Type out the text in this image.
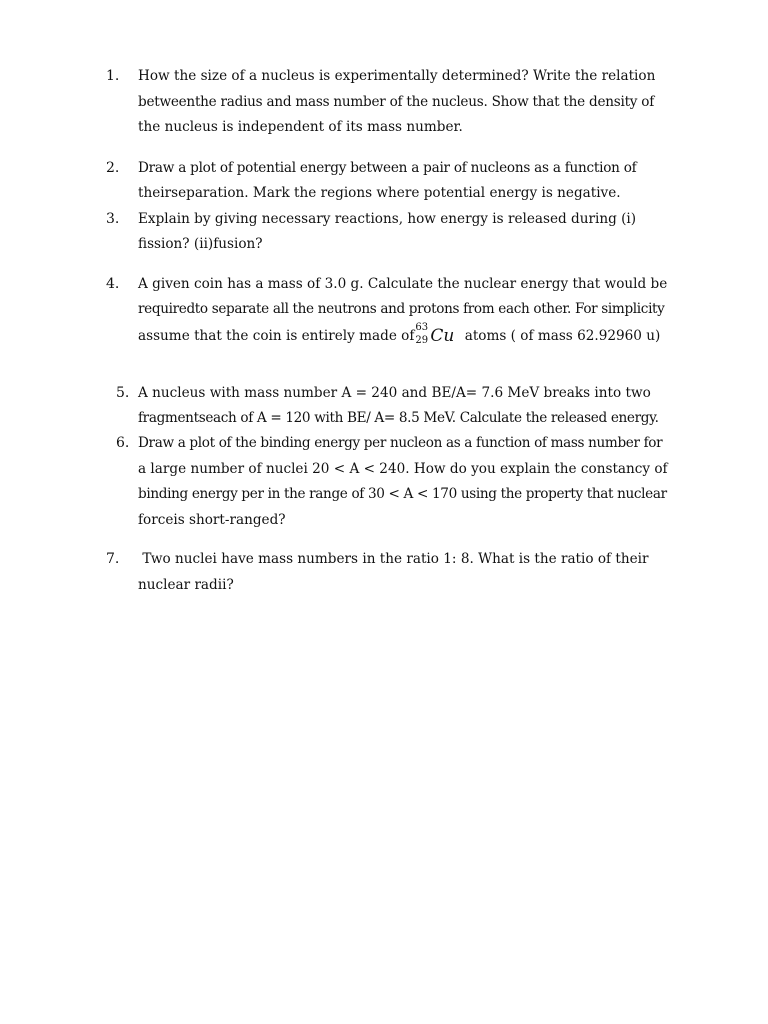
1. How the size of a nucleus is experimentally determined? Write the relation
betweenthe radius and mass number of the nucleus. Show that the density of
the nucleus is independent of its mass number.
2. Draw a plot of potential energy between a pair of nucleons as a function of
theirseparation. Mark the regions where potential energy is negative.
3. Explain by giving necessary reactions, how energy is released during (i)
fission? (ii)fusion?
4. A given coin has a mass of 3.0 g. Calculate the nuclear energy that would be
requiredto separate all the neutrons and protons from each other. For simplicity
assume that the coin is entirely made of
63
29 Cu atoms ( of mass 62.92960 u)
5. A nucleus with mass number A = 240 and BE/A= 7.6 MeV breaks into two
fragmentseach of A = 120 with BE/ A= 8.5 MeV. Calculate the released energy.
6. Draw a plot of the binding energy per nucleon as a function of mass number for
a large number of nuclei 20 < A < 240. How do you explain the constancy of
binding energy per in the range of 30 < A < 170 using the property that nuclear
forceis short-ranged?
7. Two nuclei have mass numbers in the ratio 1: 8. What is the ratio of their
nuclear radii?
